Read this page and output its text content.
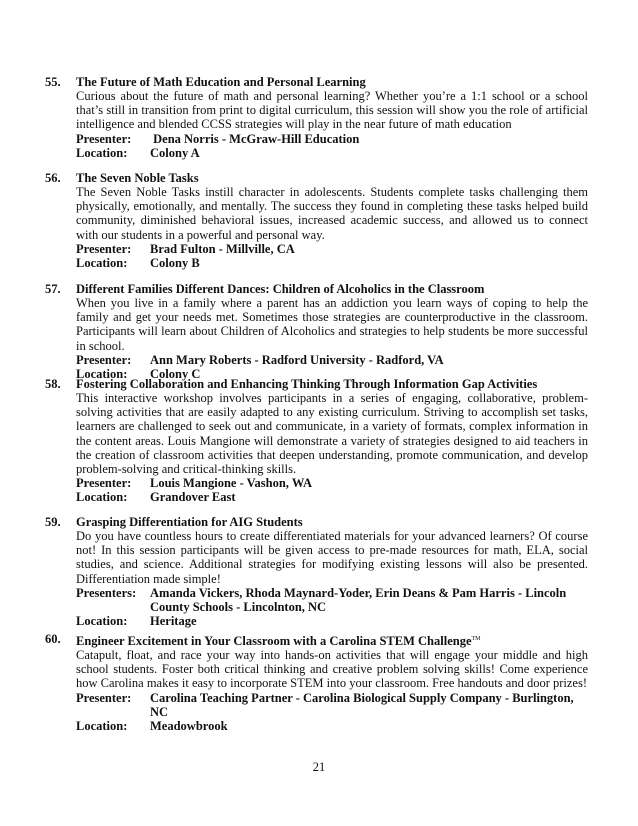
55. The Future of Math Education and Personal Learning
Curious about the future of math and personal learning? Whether you’re a 1:1 school or a school that’s still in transition from print to digital curriculum, this session will show you the role of artificial intelligence and blended CCSS strategies will play in the near future of math education
Presenter:	Dena Norris - McGraw-Hill Education
Location:	Colony A
56. The Seven Noble Tasks
The Seven Noble Tasks instill character in adolescents. Students complete tasks challenging them physically, emotionally, and mentally. The success they found in completing these tasks helped build community, diminished behavioral issues, increased academic success, and allowed us to connect with our students in a powerful and personal way.
Presenter:	Brad Fulton - Millville, CA
Location:	Colony B
57. Different Families Different Dances: Children of Alcoholics in the Classroom
When you live in a family where a parent has an addiction you learn ways of coping to help the family and get your needs met. Sometimes those strategies are counterproductive in the classroom. Participants will learn about Children of Alcoholics and strategies to help students be more successful in school.
Presenter:	Ann Mary Roberts - Radford University - Radford, VA
Location:	Colony C
58. Fostering Collaboration and Enhancing Thinking Through Information Gap Activities
This interactive workshop involves participants in a series of engaging, collaborative, problem-solving activities that are easily adapted to any existing curriculum. Striving to accomplish set tasks, learners are challenged to seek out and communicate, in a variety of formats, complex information in the content areas. Louis Mangione will demonstrate a variety of strategies designed to aid teachers in the creation of classroom activities that deepen understanding, promote communication, and develop problem-solving and critical-thinking skills.
Presenter:	Louis Mangione - Vashon, WA
Location:	Grandover East
59. Grasping Differentiation for AIG Students
Do you have countless hours to create differentiated materials for your advanced learners? Of course not! In this session participants will be given access to pre-made resources for math, ELA, social studies, and science. Additional strategies for modifying existing lessons will also be presented. Differentiation made simple!
Presenters:	Amanda Vickers, Rhoda Maynard-Yoder, Erin Deans & Pam Harris - Lincoln County Schools - Lincolnton, NC
Location:	Heritage
60. Engineer Excitement in Your Classroom with a Carolina STEM Challenge™
Catapult, float, and race your way into hands-on activities that will engage your middle and high school students. Foster both critical thinking and creative problem solving skills! Come experience how Carolina makes it easy to incorporate STEM into your classroom. Free handouts and door prizes!
Presenter:	Carolina Teaching Partner - Carolina Biological Supply Company - Burlington, NC
Location:	Meadowbrook
21
